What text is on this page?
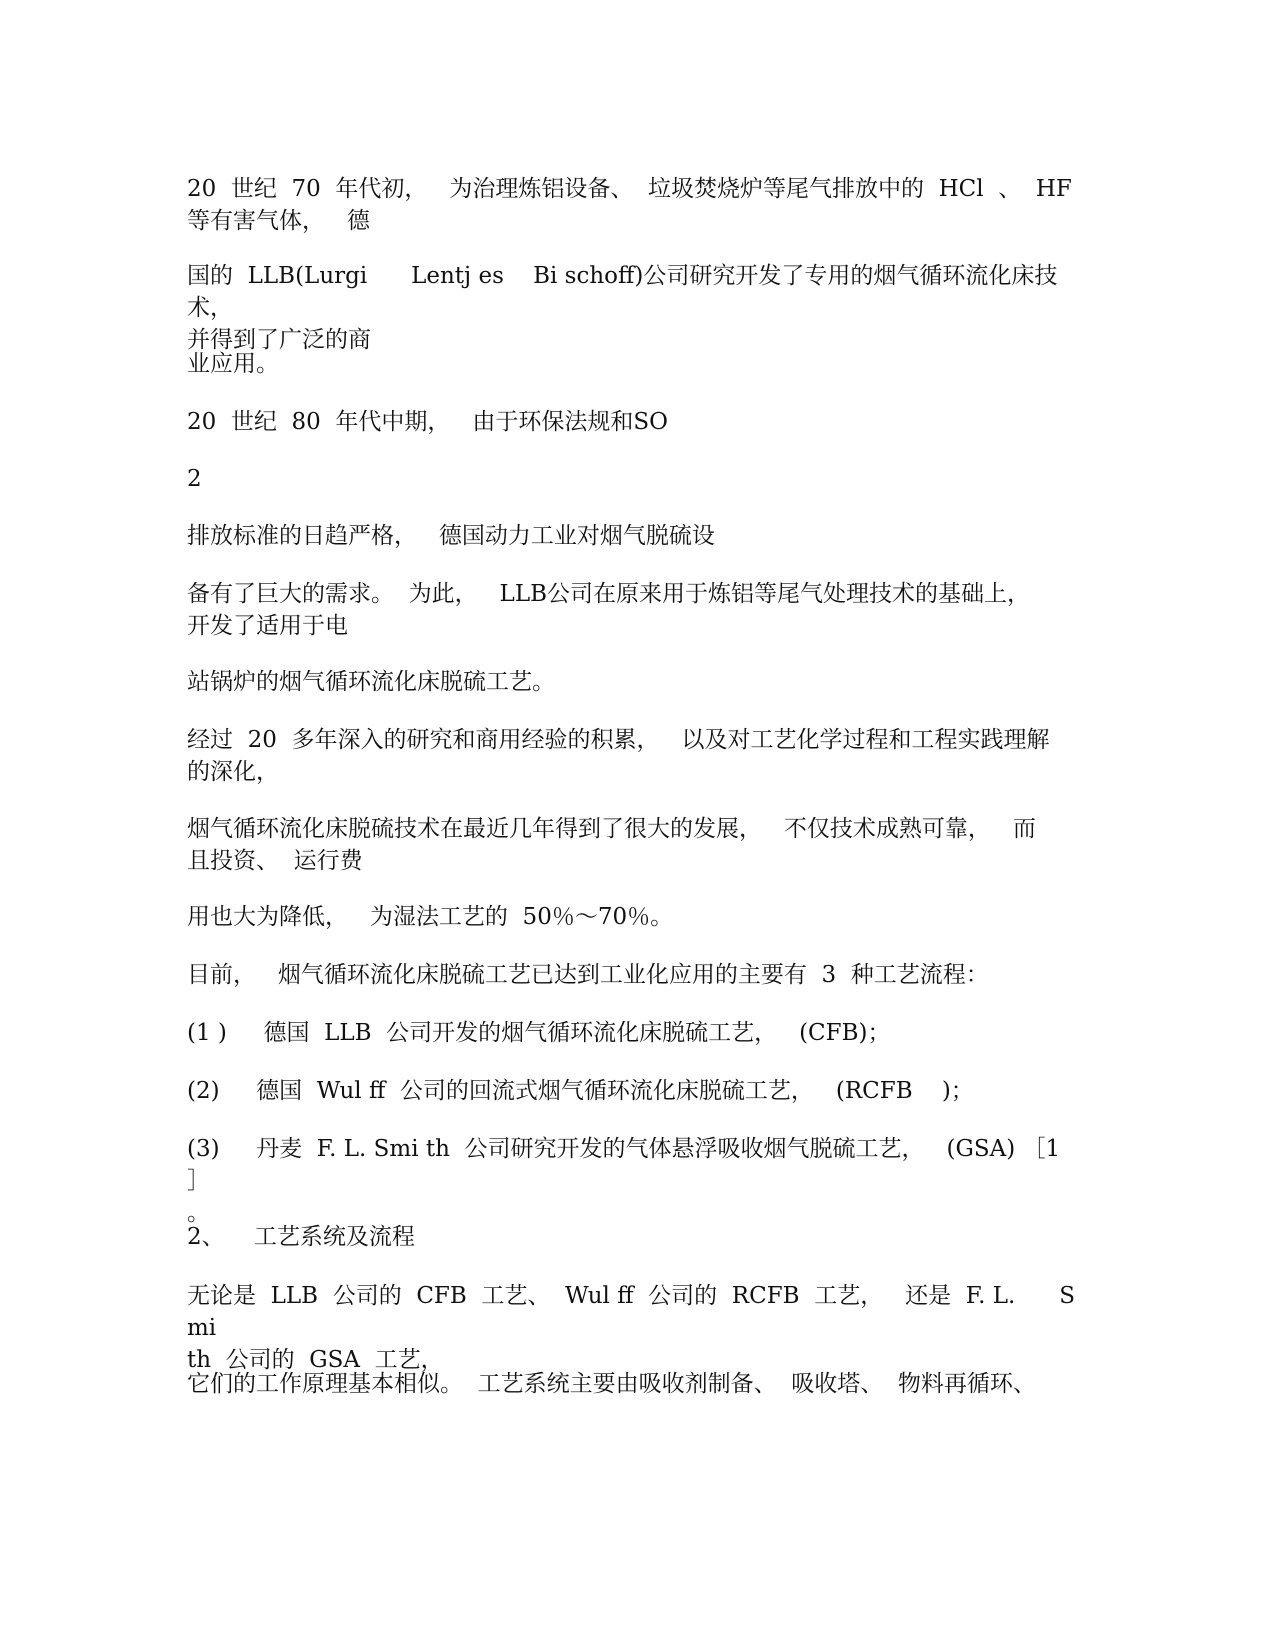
20  世纪  70  年代初，   为治理炼铝设备、  垃圾焚烧炉等尾气排放中的  HCl  、  HF
等有害气体，   德

国的  LLB(Lurgi      Lentj es    Bi schoff)公司研究开发了专用的烟气循环流化床技术，
并得到了广泛的商

业应用。

20  世纪  80  年代中期，   由于环保法规和SO

2

排放标准的日趋严格，   德国动力工业对烟气脱硫设

备有了巨大的需求。  为此，   LLB公司在原来用于炼铝等尾气处理技术的基础上，
开发了适用于电

站锅炉的烟气循环流化床脱硫工艺。

经过  20  多年深入的研究和商用经验的积累，   以及对工艺化学过程和工程实践理解
的深化，

烟气循环流化床脱硫技术在最近几年得到了很大的发展，   不仅技术成熟可靠，   而
且投资、  运行费

用也大为降低，   为湿法工艺的  50％～70％。

目前，   烟气循环流化床脱硫工艺已达到工业化应用的主要有  3  种工艺流程：

(1 )     德国  LLB  公司开发的烟气循环流化床脱硫工艺，   (CFB)；

(2)     德国  Wul ff  公司的回流式烟气循环流化床脱硫工艺，   (RCFB    )；

(3)     丹麦  F. L. Smi th  公司研究开发的气体悬浮吸收烟气脱硫工艺，   (GSA) ［1  ］
。

2、    工艺系统及流程

无论是  LLB  公司的  CFB  工艺、  Wul ff  公司的  RCFB  工艺，   还是  F. L.      Smi
th  公司的  GSA  工艺，

它们的工作原理基本相似。  工艺系统主要由吸收剂制备、  吸收塔、  物料再循环、
